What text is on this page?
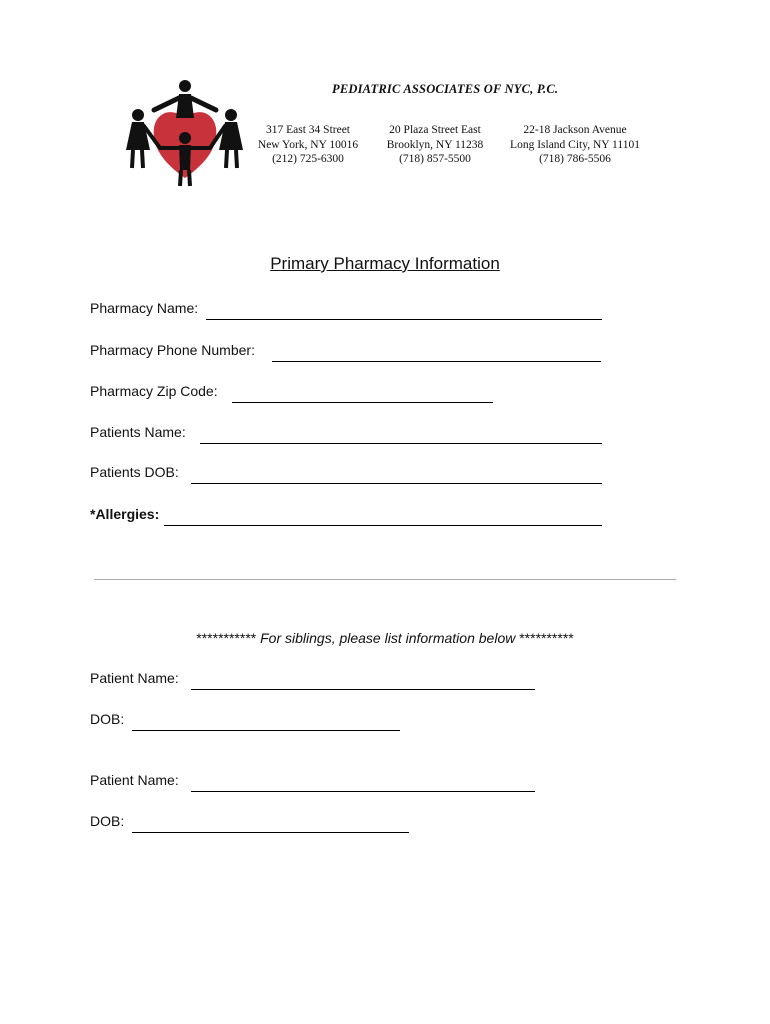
PEDIATRIC ASSOCIATES OF NYC, P.C.
317 East 34 Street
New York, NY 10016
(212) 725-6300
20 Plaza Street East
Brooklyn, NY 11238
(718) 857-5500
22-18 Jackson Avenue
Long Island City, NY 11101
(718) 786-5506
Primary Pharmacy Information
Pharmacy Name:
Pharmacy Phone Number:
Pharmacy Zip Code:
Patients Name:
Patients DOB:
*Allergies:
*********** For siblings, please list information below **********
Patient Name:
DOB:
Patient Name:
DOB:
